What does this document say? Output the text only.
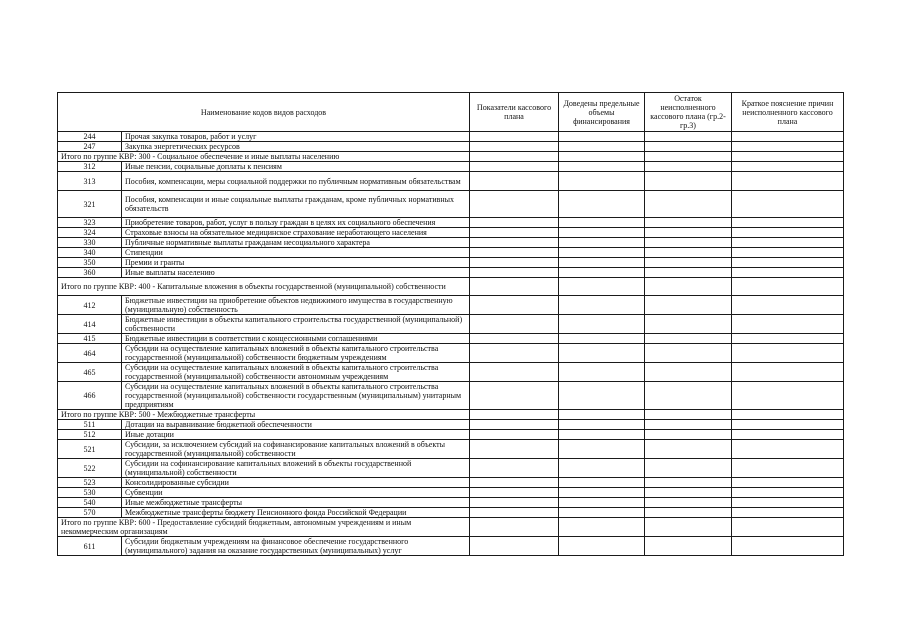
Наименование кодов видов расходов		Показатели кассового плана	Доведены предельные объемы финансирования	Остаток неисполненного кассового плана (гр.2-гр.3)	Краткое пояснение причин неисполненного кассового плана
244	Прочая закупка товаров, работ и услуг				
247	Закупка энергетических ресурсов				
Итого по группе КВР: 300 - Социальное обеспечение и иные выплаты населению					
312	Иные пенсии, социальные доплаты к пенсиям				
313	Пособия, компенсации, меры социальной поддержки по публичным нормативным обязательствам				
321	Пособия, компенсации и иные социальные выплаты гражданам, кроме публичных нормативных обязательств				
323	Приобретение товаров, работ, услуг в пользу граждан в целях их социального обеспечения				
324	Страховые взносы на обязательное медицинское страхование неработающего населения				
330	Публичные нормативные выплаты гражданам несоциального характера				
340	Стипендии				
350	Премии и гранты				
360	Иные выплаты населению				
Итого по группе КВР: 400 - Капитальные вложения в объекты государственной (муниципальной) собственности					
412	Бюджетные инвестиции на приобретение объектов недвижимого имущества в государственную (муниципальную) собственность				
414	Бюджетные инвестиции в объекты капитального строительства государственной (муниципальной) собственности				
415	Бюджетные инвестиции в соответствии с концессионными соглашениями				
464	Субсидии на осуществление капитальных вложений в объекты капитального строительства государственной (муниципальной) собственности бюджетным учреждениям				
465	Субсидии на осуществление капитальных вложений в объекты капитального строительства государственной (муниципальной) собственности автономным учреждениям				
466	Субсидии на осуществление капитальных вложений в объекты капитального строительства государственной (муниципальной) собственности государственным (муниципальным) унитарным предприятиям				
Итого по группе КВР: 500 - Межбюджетные трансферты					
511	Дотации на выравнивание бюджетной обеспеченности				
512	Иные дотации				
521	Субсидии, за исключением субсидий на софинансирование капитальных вложений в объекты государственной (муниципальной) собственности				
522	Субсидии на софинансирование капитальных вложений в объекты государственной (муниципальной) собственности				
523	Консолидированные субсидии				
530	Субвенции				
540	Иные межбюджетные трансферты				
570	Межбюджетные трансферты бюджету Пенсионного фонда Российской Федерации				
Итого по группе КВР: 600 - Предоставление субсидий бюджетным, автономным учреждениям и иным некоммерческим организациям					
611	Субсидии бюджетным учреждениям на финансовое обеспечение государственного (муниципального) задания на оказание государственных (муниципальных) услуг				
